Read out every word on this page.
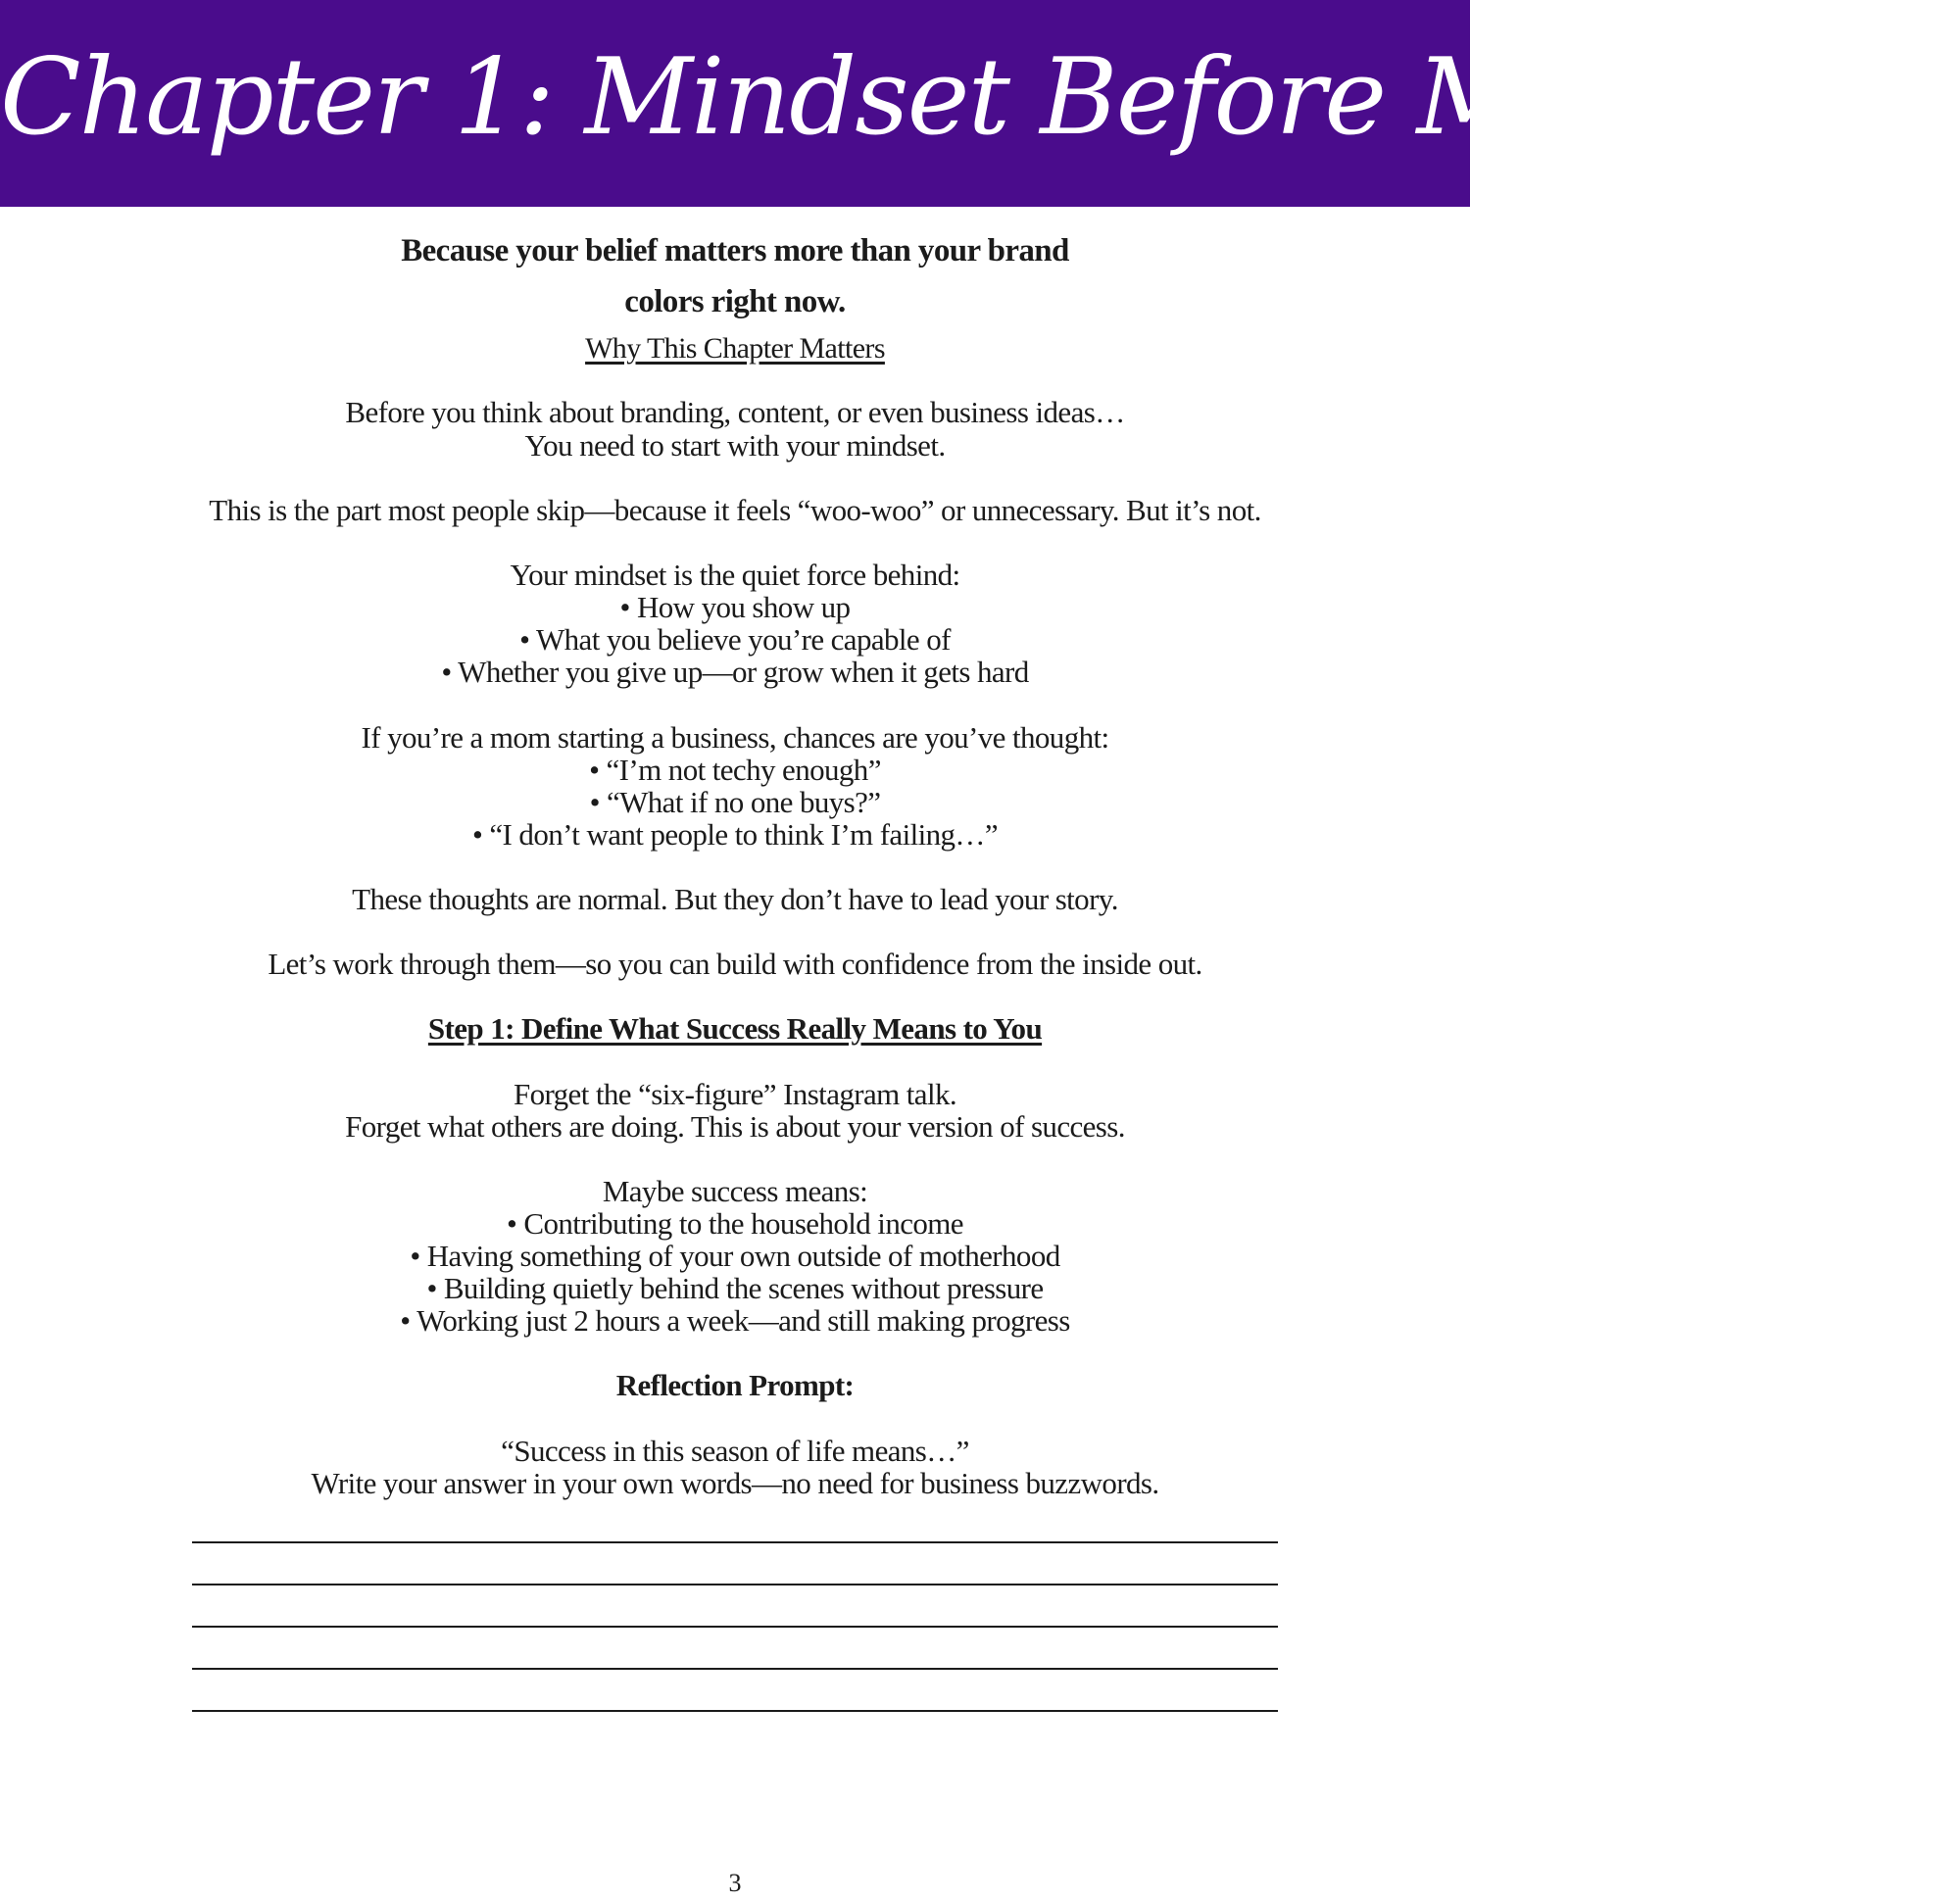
Chapter 1: Mindset Before Marketing
Because your belief matters more than your brand
colors right now.
Why This Chapter Matters
Before you think about branding, content, or even business ideas…
You need to start with your mindset.
This is the part most people skip—because it feels “woo-woo” or unnecessary. But it’s not.
Your mindset is the quiet force behind:
• How you show up
• What you believe you’re capable of
• Whether you give up—or grow when it gets hard
If you’re a mom starting a business, chances are you’ve thought:
• “I’m not techy enough”
• “What if no one buys?”
• “I don’t want people to think I’m failing…”
These thoughts are normal. But they don’t have to lead your story.
Let’s work through them—so you can build with confidence from the inside out.
Step 1: Define What Success Really Means to You
Forget the “six-figure” Instagram talk.
Forget what others are doing. This is about your version of success.
Maybe success means:
• Contributing to the household income
• Having something of your own outside of motherhood
• Building quietly behind the scenes without pressure
• Working just 2 hours a week—and still making progress
Reflection Prompt:
“Success in this season of life means…”
Write your answer in your own words—no need for business buzzwords.
3
